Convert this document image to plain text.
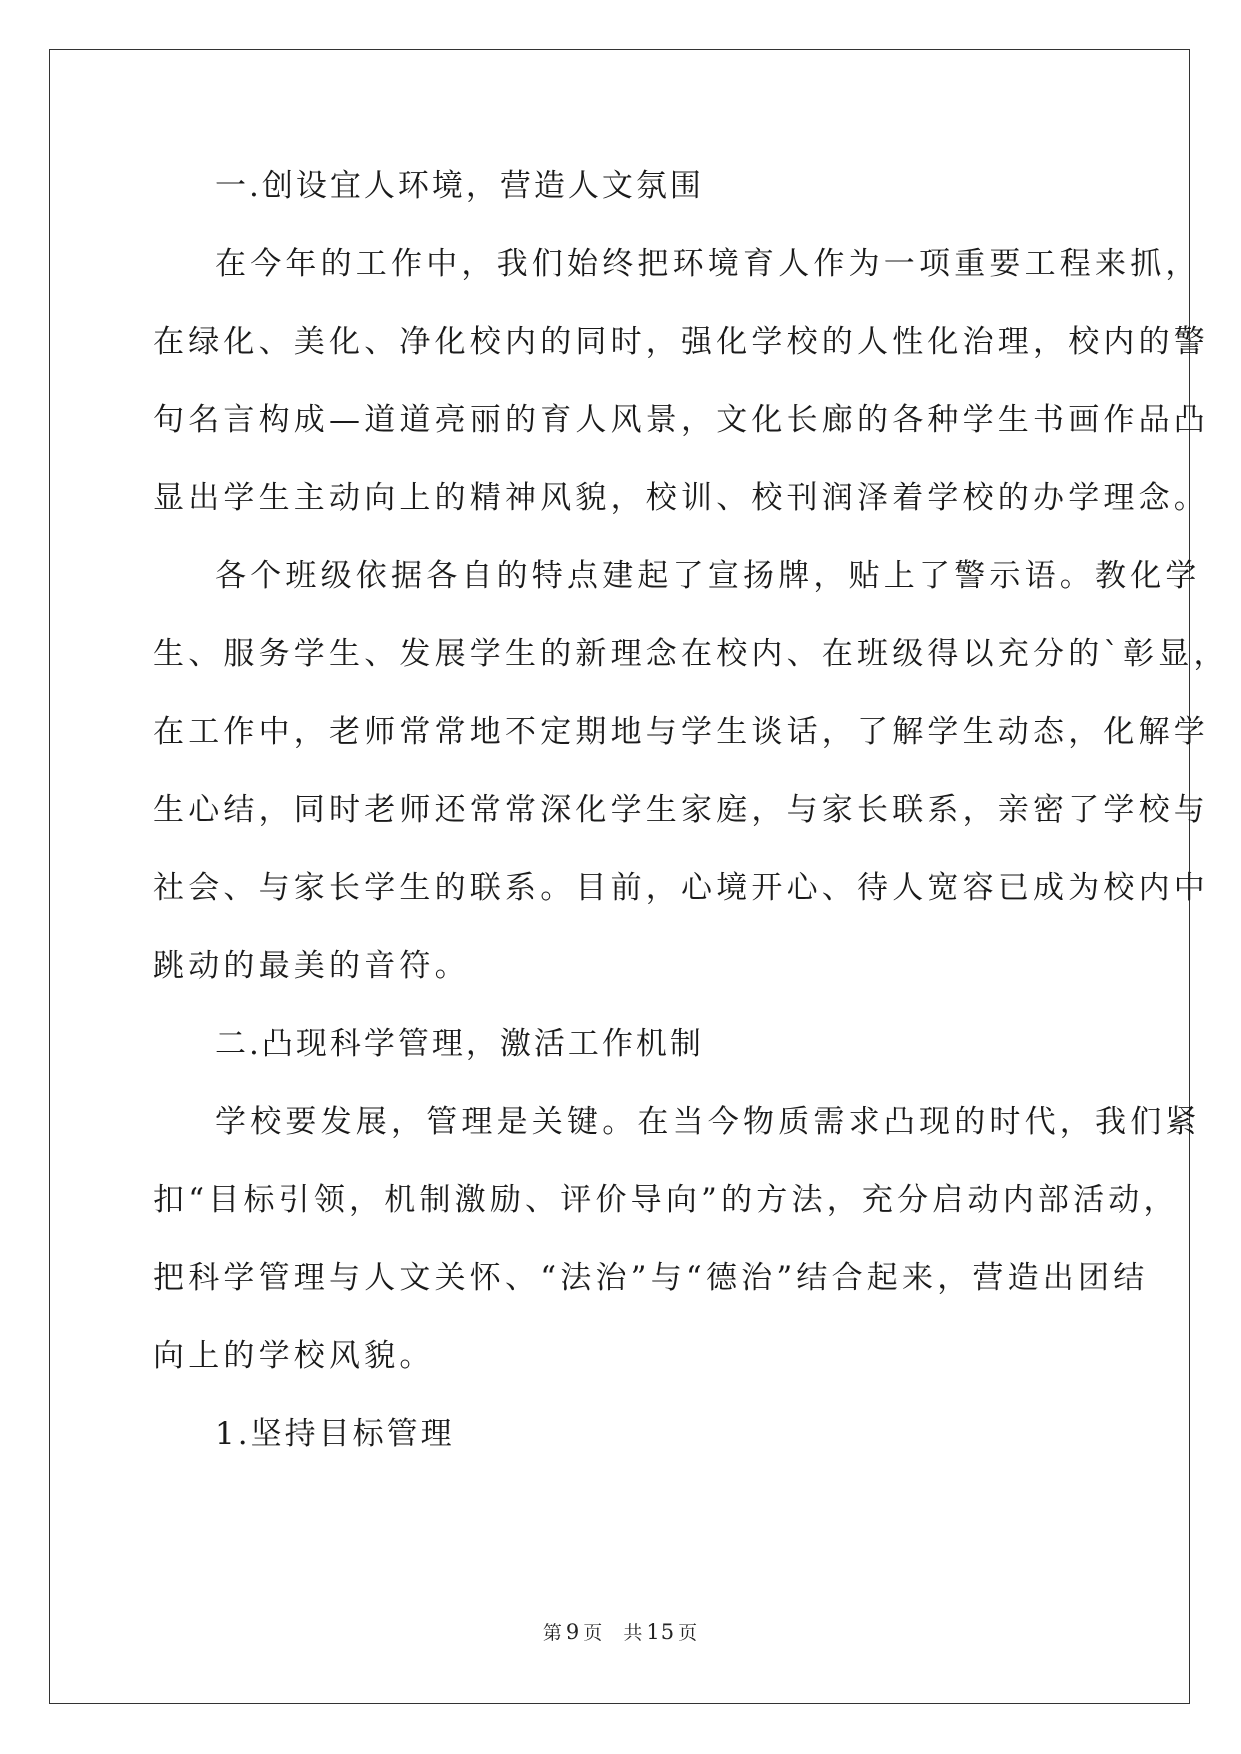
一.创设宜人环境，营造人文氛围
在今年的工作中，我们始终把环境育人作为一项重要工程来抓，
在绿化、美化、净化校内的同时，强化学校的人性化治理，校内的警
句名言构成—道道亮丽的育人风景，文化长廊的各种学生书画作品凸
显出学生主动向上的精神风貌，校训、校刊润泽着学校的办学理念。
各个班级依据各自的特点建起了宣扬牌，贴上了警示语。教化学
生、服务学生、发展学生的新理念在校内、在班级得以充分的`彰显，
在工作中，老师常常地不定期地与学生谈话，了解学生动态，化解学
生心结，同时老师还常常深化学生家庭，与家长联系，亲密了学校与
社会、与家长学生的联系。目前，心境开心、待人宽容已成为校内中
跳动的最美的音符。
二.凸现科学管理，激活工作机制
学校要发展，管理是关键。在当今物质需求凸现的时代，我们紧
扣“目标引领，机制激励、评价导向”的方法，充分启动内部活动，
把科学管理与人文关怀、“法治”与“德治”结合起来，营造出团结
向上的学校风貌。
1.坚持目标管理
第 9 页 共 15 页
